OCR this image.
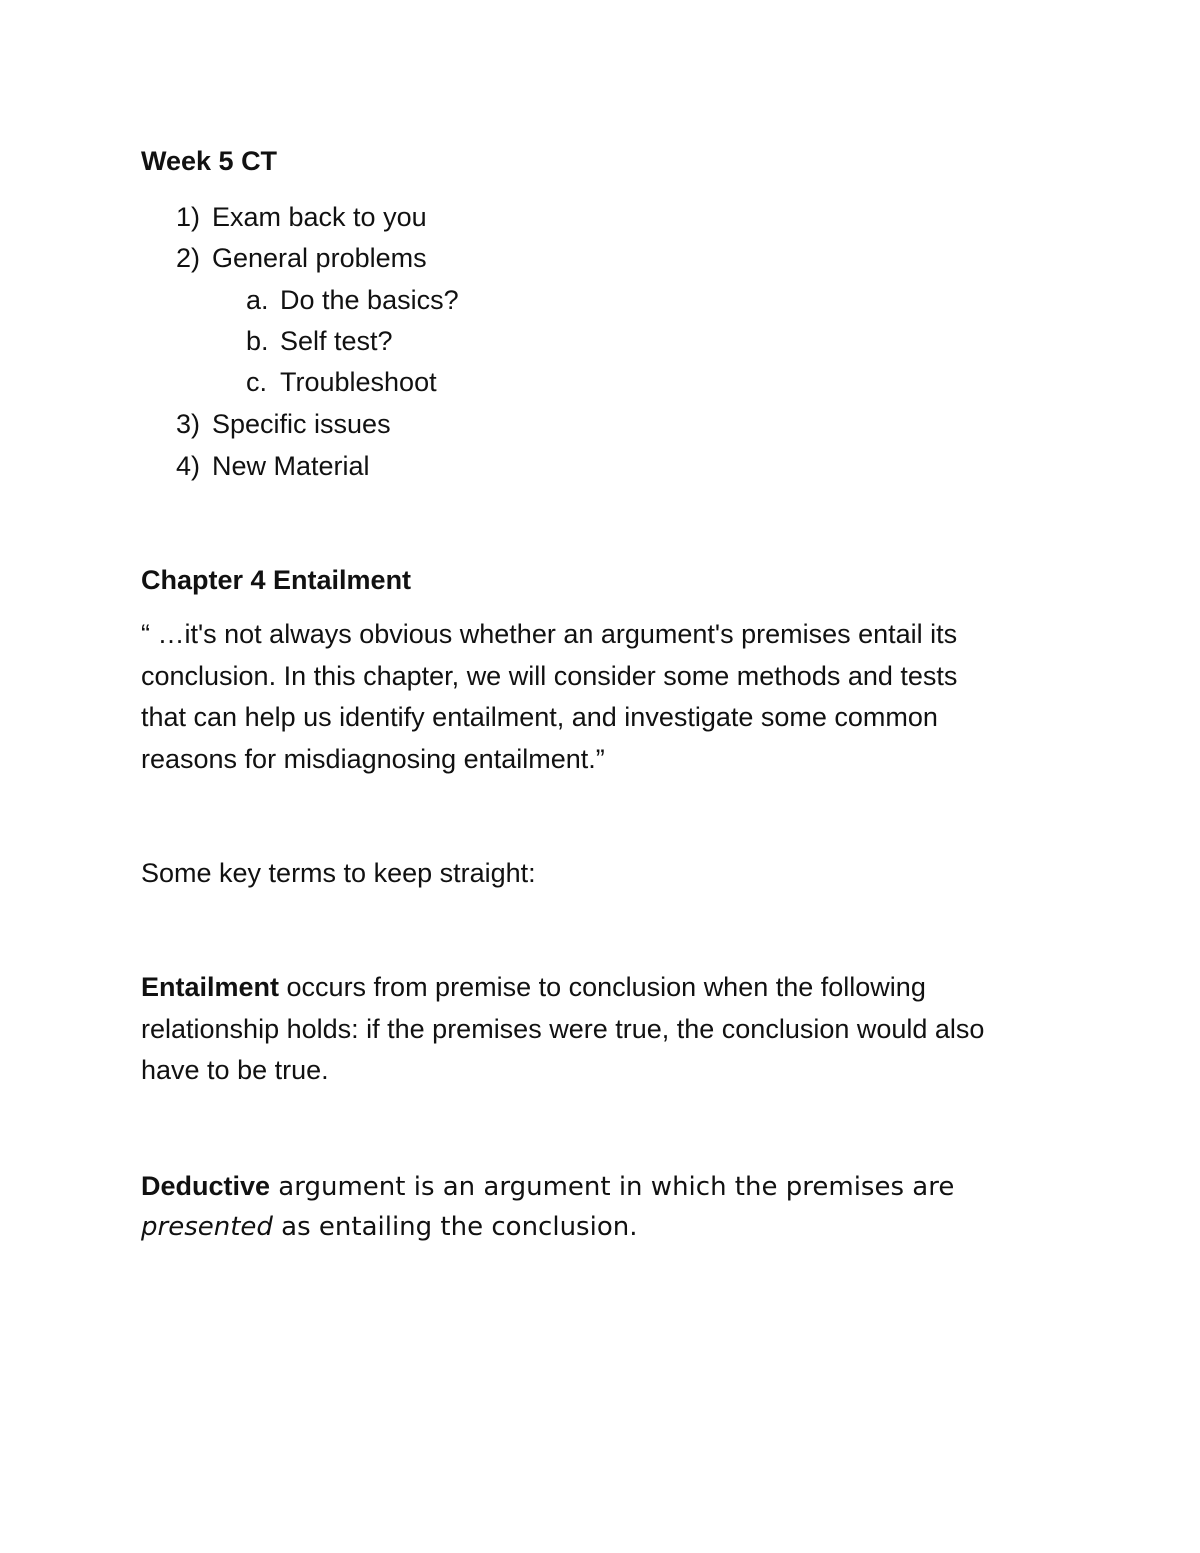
Week 5 CT
1) Exam back to you
2) General problems
a. Do the basics?
b. Self test?
c. Troubleshoot
3) Specific issues
4) New Material
Chapter 4 Entailment
“ …it's not always obvious whether an argument's premises entail its
conclusion. In this chapter, we will consider some methods and tests
that can help us identify entailment, and investigate some common
reasons for misdiagnosing entailment.”
Some key terms to keep straight:
Entailment occurs from premise to conclusion when the following
relationship holds: if the premises were true, the conclusion would also
have to be true.
Deductive argument is an argument in which the premises are
presented as entailing the conclusion.
